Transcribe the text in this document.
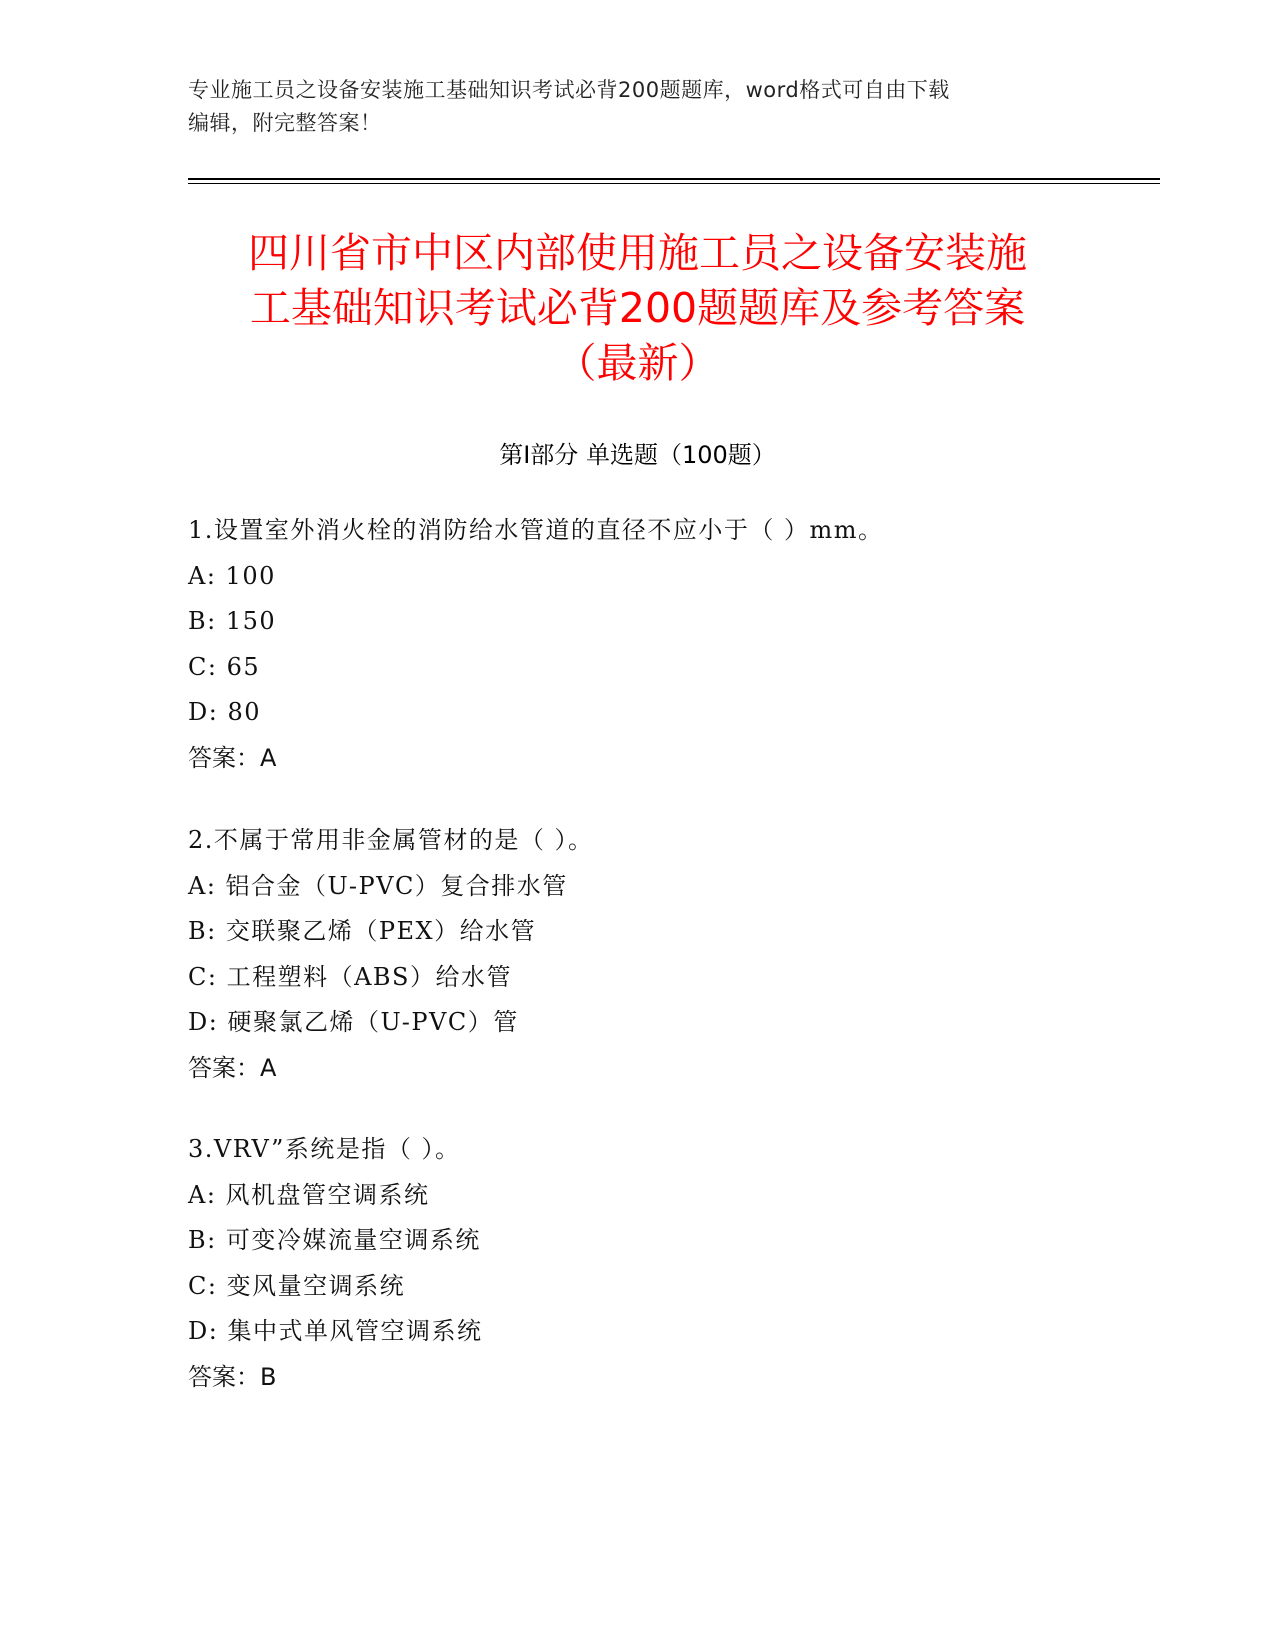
专业施工员之设备安装施工基础知识考试必背200题题库，word格式可自由下载
编辑，附完整答案！
四川省市中区内部使用施工员之设备安装施
工基础知识考试必背200题题库及参考答案
（最新）
第Ⅰ部分 单选题（100题）
1.设置室外消火栓的消防给水管道的直径不应小于（ ）mm。
A: 100
B: 150
C: 65
D: 80
答案：A
2.不属于常用非金属管材的是（ ）。
A: 铝合金（U-PVC）复合排水管
B: 交联聚乙烯（PEX）给水管
C: 工程塑料（ABS）给水管
D: 硬聚氯乙烯（U-PVC）管
答案：A
3.VRV”系统是指（ ）。
A: 风机盘管空调系统
B: 可变冷媒流量空调系统
C: 变风量空调系统
D: 集中式单风管空调系统
答案：B
